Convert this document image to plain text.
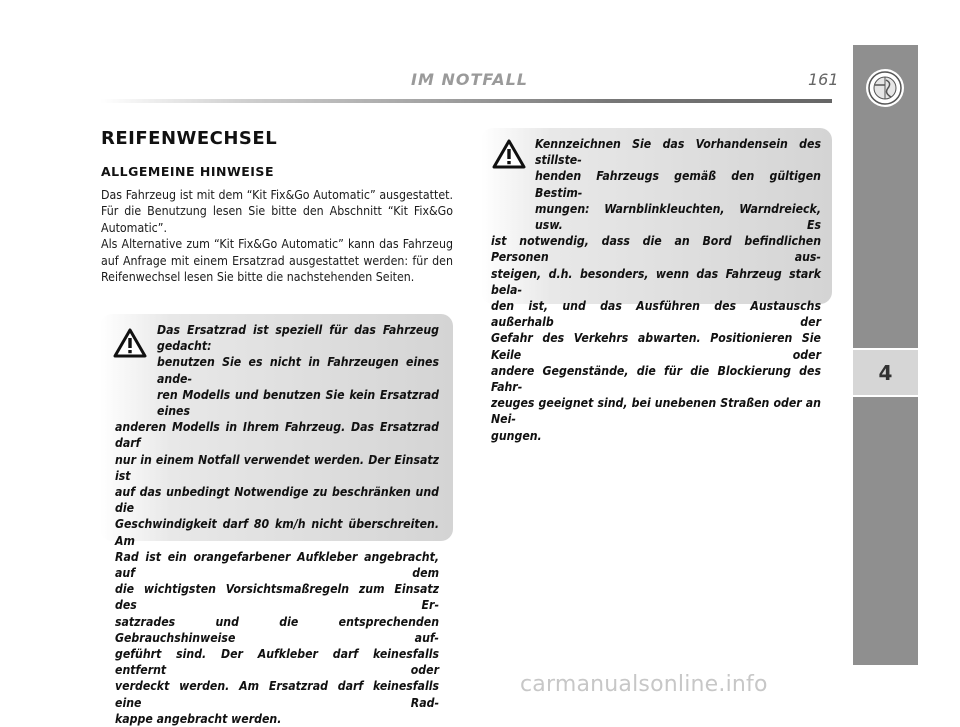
4
IM NOTFALL	161
REIFENWECHSEL
ALLGEMEINE HINWEISE

Das Fahrzeug ist mit dem “Kit Fix&Go Automatic” ausgestattet. Für die Benutzung lesen Sie bitte den Abschnitt “Kit Fix&Go Automatic”.

Als Alternative zum “Kit Fix&Go Automatic” kann das Fahrzeug auf Anfrage mit einem Ersatzrad ausgestattet werden: für den Reifenwechsel lesen Sie bitte die nachstehenden Seiten.

Das Ersatzrad ist speziell für das Fahrzeug gedacht:
benutzen Sie es nicht in Fahrzeugen eines ande-
ren Modells und benutzen Sie kein Ersatzrad eines
anderen Modells in Ihrem Fahrzeug. Das Ersatzrad darf
nur in einem Notfall verwendet werden. Der Einsatz ist
auf das unbedingt Notwendige zu beschränken und die
Geschwindigkeit darf 80 km/h nicht überschreiten. Am
Rad ist ein orangefarbener Aufkleber angebracht, auf dem
die wichtigsten Vorsichtsmaßregeln zum Einsatz des Er-
satzrades und die entsprechenden Gebrauchshinweise auf-
geführt sind. Der Aufkleber darf keinesfalls entfernt oder
verdeckt werden. Am Ersatzrad darf keinesfalls eine Rad-
kappe angebracht werden.
Kennzeichnen Sie das Vorhandensein des stillste-
henden Fahrzeugs gemäß den gültigen Bestim-
mungen: Warnblinkleuchten, Warndreieck, usw. Es
ist notwendig, dass die an Bord befindlichen Personen aus-
steigen, d.h. besonders, wenn das Fahrzeug stark bela-
den ist, und das Ausführen des Austauschs außerhalb der
Gefahr des Verkehrs abwarten. Positionieren Sie Keile oder
andere Gegenstände, die für die Blockierung des Fahr-
zeuges geeignet sind, bei unebenen Straßen oder an Nei-
gungen.
carmanualsonline.info
